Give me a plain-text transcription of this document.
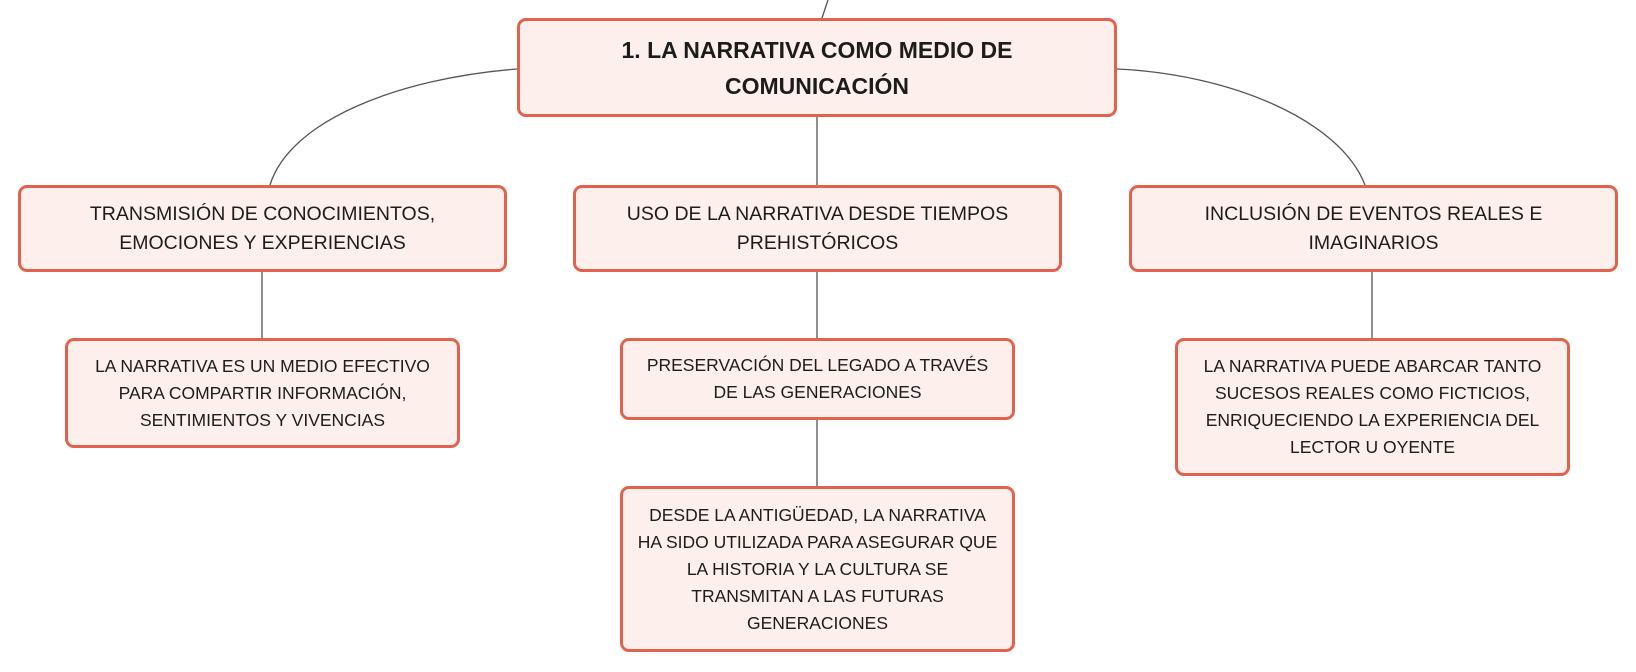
1. LA NARRATIVA COMO MEDIO DE COMUNICACIÓN
TRANSMISIÓN DE CONOCIMIENTOS, EMOCIONES Y EXPERIENCIAS
USO DE LA NARRATIVA DESDE TIEMPOS PREHISTÓRICOS
INCLUSIÓN DE EVENTOS REALES E IMAGINARIOS
LA NARRATIVA ES UN MEDIO EFECTIVO PARA COMPARTIR INFORMACIÓN, SENTIMIENTOS Y VIVENCIAS
PRESERVACIÓN DEL LEGADO A TRAVÉS DE LAS GENERACIONES
DESDE LA ANTIGÜEDAD, LA NARRATIVA HA SIDO UTILIZADA PARA ASEGURAR QUE LA HISTORIA Y LA CULTURA SE TRANSMITAN A LAS FUTURAS GENERACIONES
LA NARRATIVA PUEDE ABARCAR TANTO SUCESOS REALES COMO FICTICIOS, ENRIQUECIENDO LA EXPERIENCIA DEL LECTOR U OYENTE
